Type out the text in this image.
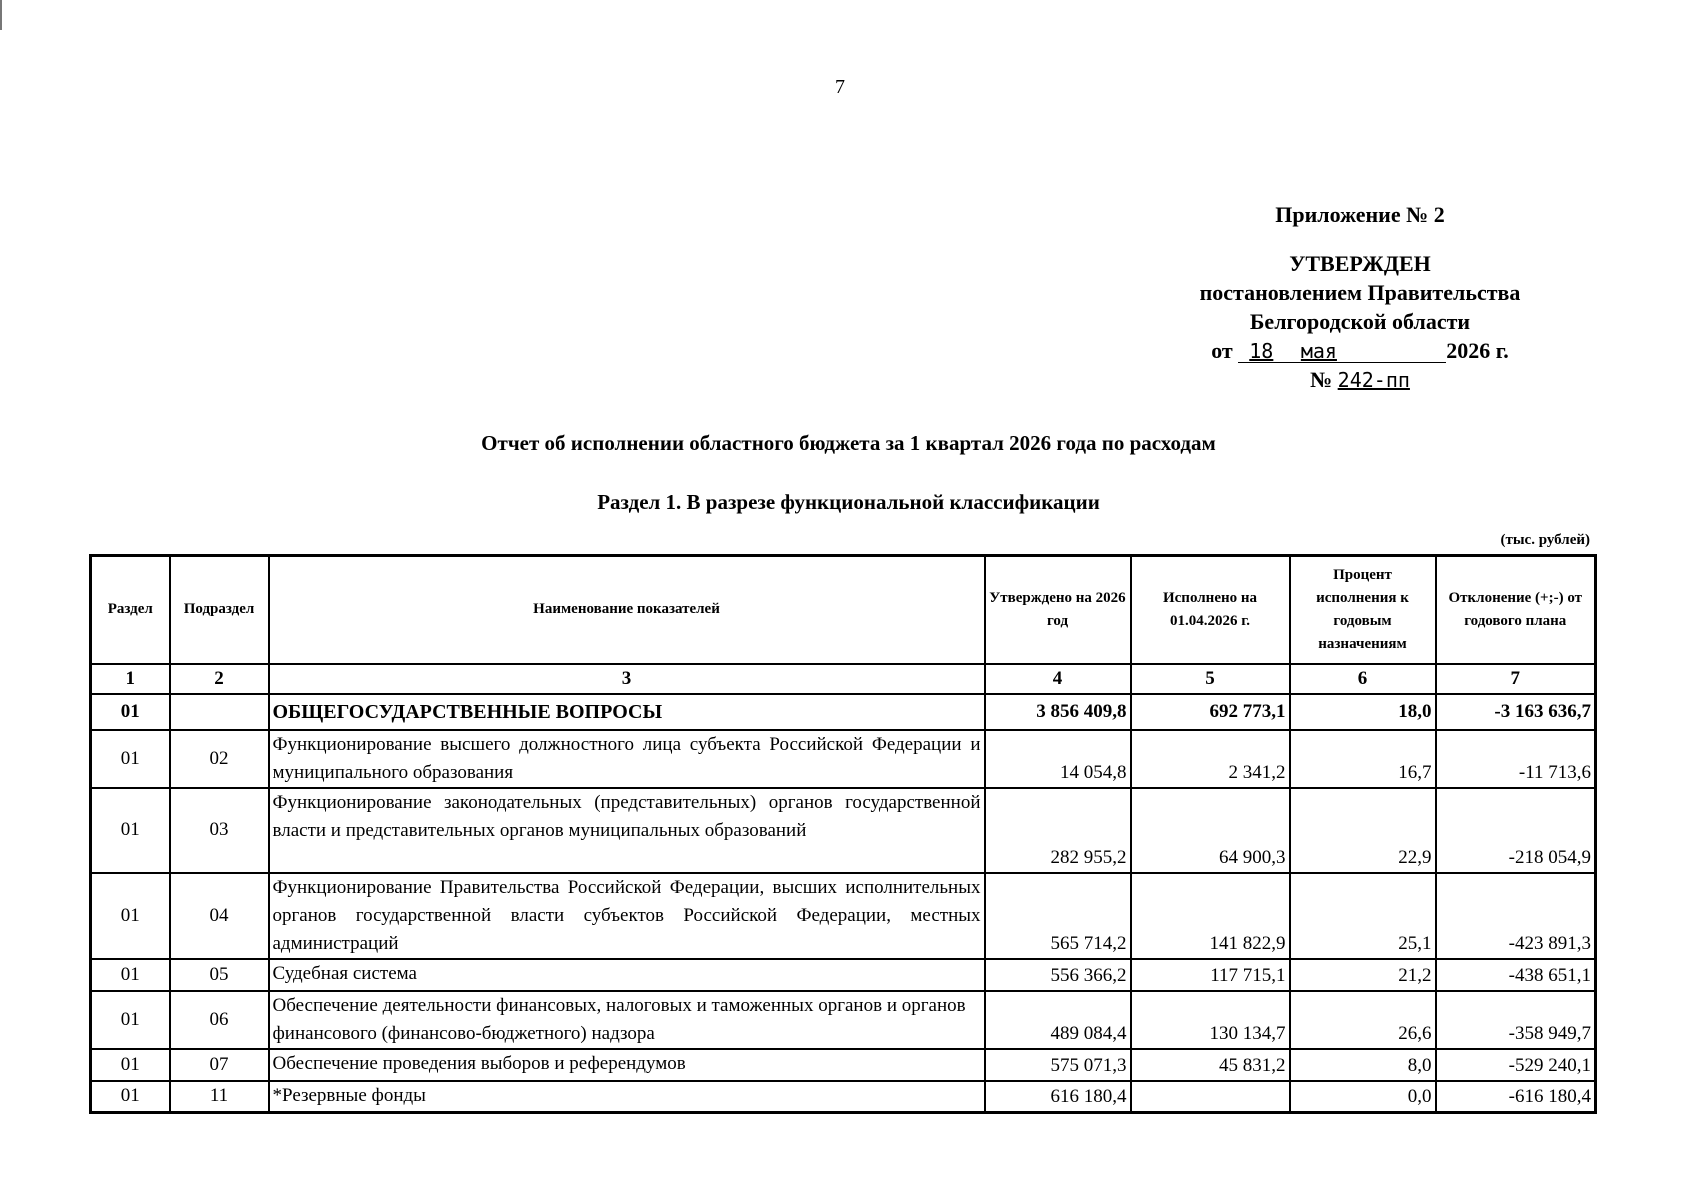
7
Приложение № 2
УТВЕРЖДЕН
постановлением Правительства
Белгородской области
от 18 мая	2026 г.
№ 242-пп
Отчет об исполнении областного бюджета за 1 квартал 2026 года по расходам
Раздел 1. В разрезе функциональной классификации
(тыс. рублей)
Раздел	Подраздел	Наименование показателей	Утверждено на 2026 год	Исполнено на 01.04.2026 г.	Процент исполнения к годовым назначениям	Отклонение (+;-) от годового плана
1	2	3	4	5	6	7
01		ОБЩЕГОСУДАРСТВЕННЫЕ ВОПРОСЫ	3 856 409,8	692 773,1	18,0	-3 163 636,7
01	02	Функционирование высшего должностного лица субъекта Российской Федерации и муниципального образования	14 054,8	2 341,2	16,7	-11 713,6
01	03	Функционирование законодательных (представительных) органов государственной власти и представительных органов муниципальных образований	282 955,2	64 900,3	22,9	-218 054,9
01	04	Функционирование Правительства Российской Федерации, высших исполнительных органов государственной власти субъектов Российской Федерации, местных администраций	565 714,2	141 822,9	25,1	-423 891,3
01	05	Судебная система	556 366,2	117 715,1	21,2	-438 651,1
01	06	Обеспечение деятельности финансовых, налоговых и таможенных органов и органов финансового (финансово-бюджетного) надзора	489 084,4	130 134,7	26,6	-358 949,7
01	07	Обеспечение проведения выборов и референдумов	575 071,3	45 831,2	8,0	-529 240,1
01	11	*Резервные фонды	616 180,4		0,0	-616 180,4
